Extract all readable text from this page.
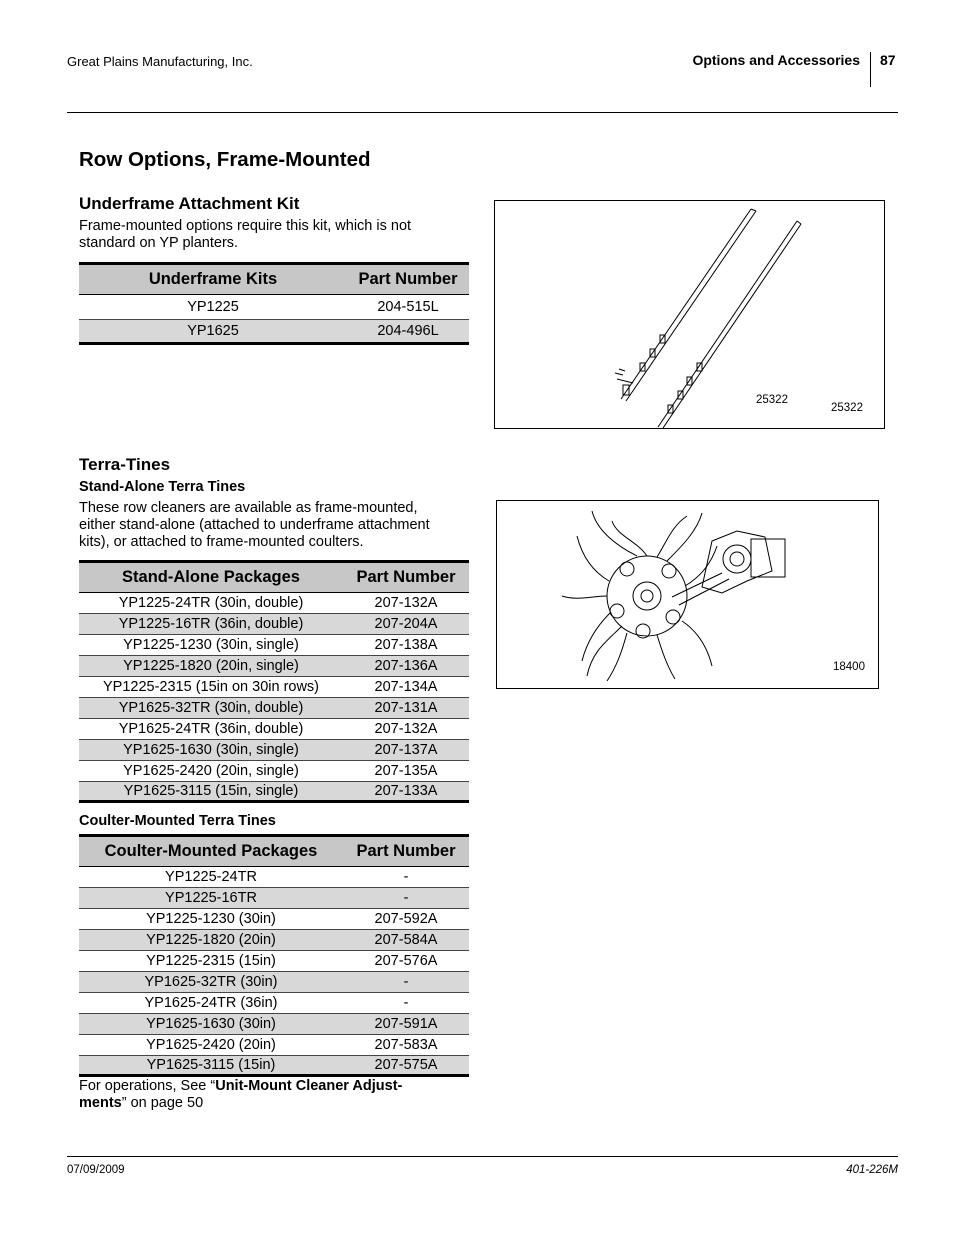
Great Plains Manufacturing, Inc.	Options and Accessories 87
Row Options, Frame-Mounted
Underframe Attachment Kit
Frame-mounted options require this kit, which is not
standard on YP planters.
Underframe Kits	Part Number
YP1225	204-515L
YP1625	204-496L
25322
25322
Terra-Tines
Stand-Alone Terra Tines
These row cleaners are available as frame-mounted,
either stand-alone (attached to underframe attachment
kits), or attached to frame-mounted coulters.
Stand-Alone Packages	Part Number
YP1225-24TR (30in, double)	207-132A
YP1225-16TR (36in, double)	207-204A
YP1225-1230 (30in, single)	207-138A
YP1225-1820 (20in, single)	207-136A
YP1225-2315 (15in on 30in rows)	207-134A
YP1625-32TR (30in, double)	207-131A
YP1625-24TR (36in, double)	207-132A
YP1625-1630 (30in, single)	207-137A
YP1625-2420 (20in, single)	207-135A
YP1625-3115 (15in, single)	207-133A
Coulter-Mounted Terra Tines
Coulter-Mounted Packages	Part Number
YP1225-24TR	-
YP1225-16TR	-
YP1225-1230 (30in)	207-592A
YP1225-1820 (20in)	207-584A
YP1225-2315 (15in)	207-576A
YP1625-32TR (30in)	-
YP1625-24TR (36in)	-
YP1625-1630 (30in)	207-591A
YP1625-2420 (20in)	207-583A
YP1625-3115 (15in)	207-575A
For operations, See “Unit-Mount Cleaner Adjust-
ments” on page 50
18400
07/09/2009	401-226M
